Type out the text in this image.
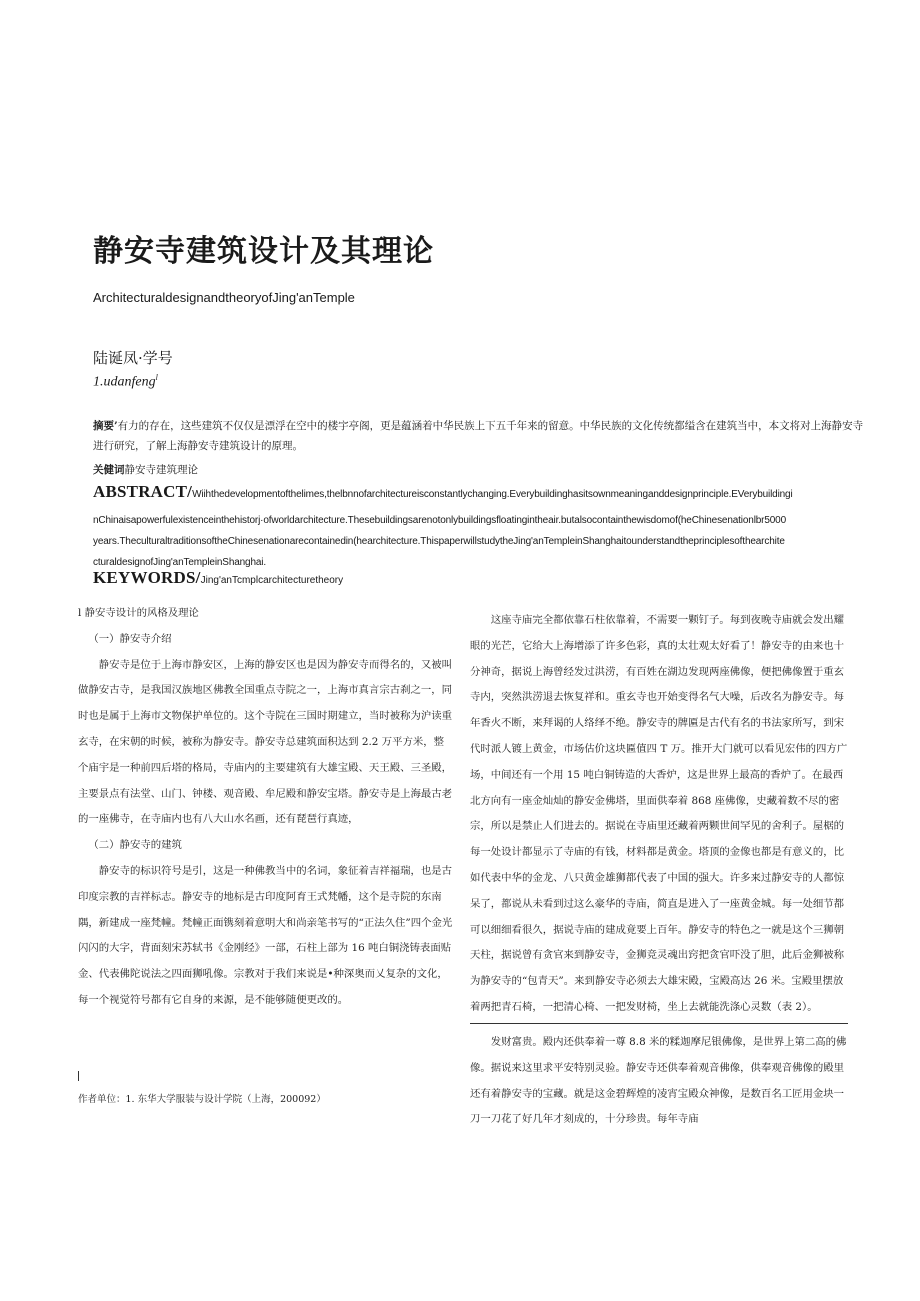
静安寺建筑设计及其理论
ArchitecturaldesignandtheoryofJing'anTemple
陆诞凤·学号
1.udanfeng$^l$
摘要’有力的存在，这些建筑不仅仅是漂浮在空中的楼宇亭阁，更是蕴涵着中华民族上下五千年来的留意。中华民族的文化传统都缢含在建筑当中，本文将对上海静安寺进行研究，了解上海静安寺建筑设计的原理。
关健词静安寺建筑理论
ABSTRACT/Wiihthedevelopmentofthelimes,thelbnnofarchitectureisconstantlychanging.Everybuildinghasitsownmeaninganddesignprinciple.EVerybuildingi
nChinaisapowerfulexistenceinthehistorj·ofworldarchitecture.Thesebuildingsarenotonlybuildingsfloatingintheair.butalsocontainthewisdomof(heChinesenationlbr5000
years.TheculturaltraditionsoftheChinesenationarecontainedin(hearchitecture.ThispaperwillstudytheJing'anTempleinShanghaitounderstandtheprinciplesofthearchite
cturaldesignofJing'anTempleinShanghai.
KEYWORDS/Jing'anTcmplcarchitecturetheory

l 静安寺设计的风格及理论

（一）静安寺介绍

静安寺是位于上海市静安区，上海的静安区也是因为静安寺而得名的，又被叫做静安古寺，是我国汉族地区佛教全国重点寺院之一，上海市真言宗古刹之一，同时也是属于上海市文物保护单位的。这个寺院在三国时期建立，当时被称为沪读重玄寺，在宋朝的时候，被称为静安寺。静安寺总建筑面积达到 2.2 万平方米，整个庙宇是一种前四后塔的格局，寺庙内的主要建筑有大雄宝殿、天王殿、三圣殿，主要景点有法堂、山门、钟楼、观音殿、牟尼殿和静安宝塔。静安寺是上海最古老的一座佛寺，在寺庙内也有八大山水名画，还有琵琶行真迹，

（二）静安寺的建筑

静安寺的标识符号是引，这是一种佛教当中的名词，象征着吉祥福瑞，也是古印度宗教的吉祥标志。静安寺的地标是古印度阿育王式梵幡，这个是寺院的东南隅，新建成一座梵幢。梵幢正面镌刻着意明大和尚亲笔书写的“正法久住”四个金光闪闪的大字，背面刻宋苏轼书《金刚经》一部，石柱上部为 16 吨白铜浇铸表面贴金、代表佛陀说法之四面狮吼像。宗教对于我们来说是•种深奥而乂复杂的文化，每一个视觉符号都有它自身的来源，是不能够随便更改的。

这座寺庙完全都依靠石柱依靠着，不需要一颗钉子。每到夜晚寺庙就会发出耀眼的光芒，它给大上海增添了许多色彩，真的太壮观太好看了！静安寺的由来也十分神奇，据说上海曾经发过洪涝，有百姓在湖边发现两座佛像，便把佛像置于重玄寺内，突然洪涝退去恢复祥和。重玄寺也开始变得名气大噪，后改名为静安寺。每年香火不断，来拜谒的人络绎不绝。静安寺的牌匾是古代有名的书法家所写，到宋代时派人镀上黄金，市场估价这块匾值四 T 万。推开大门就可以看见宏伟的四方广场，中间还有一个用 15 吨白铜铸造的大香炉，这是世界上最高的香炉了。在最西北方向有一座金灿灿的静安金佛塔，里面供奉着 868 座佛像，史藏着数不尽的密宗，所以是禁止人们进去的。据说在寺庙里还藏着两颗世间罕见的舍利子。屋椐的每一处设计都显示了寺庙的有钱，材料都是黄金。塔顶的金像也都是有意义的，比如代表中华的金龙、八只黄金雄狮都代表了中国的强大。许多来过静安寺的人都惊呆了，都说从未看到过这么豪华的寺庙，简直是进入了一座黄金城。每一处细节都可以细细看很久，据说寺庙的建成竟要上百年。静安寺的特色之一就是这个三狮朝天柱，据说曾有贪官来到静安寺，金狮竞灵魂出窍把贪官吓没了胆，此后金狮被称为静安寺的“包青天”。来到静安寺必须去大雄宋殿，宝殿高达 26 米。宝殿里摆放着两把青石椅，一把清心椅、一把发财椅，坐上去就能洗涤心灵数（表 2）。

发财富贵。殿内还供奉着一尊 8.8 米的糅迦摩尼银佛像，是世界上第二高的佛像。据说来这里求平安特别灵验。静安寺还供奉着观音佛像，供奉观音佛像的殿里还有着静安寺的宝藏。就是这金碧辉煌的凌宵宝殿众神像，是数百名工匠用金块一刀一刀花了好几年才刻成的，十分珍贵。每年寺庙

作者单位：1. 东华大学服装与设计学院（上海，200092）
